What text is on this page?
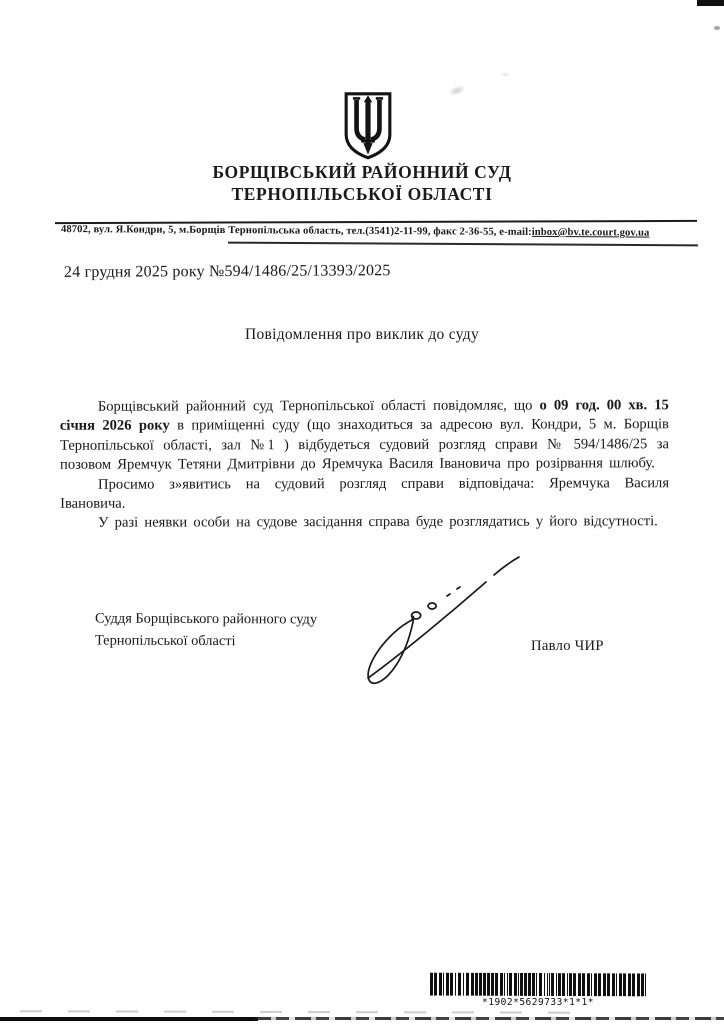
БОРЩІВСЬКИЙ РАЙОННИЙ СУД
ТЕРНОПІЛЬСЬКОЇ ОБЛАСТІ
48702, вул. Я.Кондри, 5, м.Борщів Тернопільська область, тел.(3541)2-11-99, факс 2-36-55, e-mail:inbox@bv.te.court.gov.ua
24 грудня 2025 року №594/1486/25/13393/2025
Повідомлення про виклик до суду

Борщівський районний суд Тернопільської області повідомляє, що о 09 год. 00 хв. 15 січня 2026 року в приміщенні суду (що знаходиться за адресою вул. Кондри, 5 м. Борщів Тернопільської області, зал №1 ) відбудеться судовий розгляд справи № 594/1486/25 за позовом Яремчук Тетяни Дмитрівни до Яремчука Василя Івановича про розірвання шлюбу.

Просимо з»явитись на судовий розгляд справи відповідача: Яремчука Василя Івановича.

У разі неявки особи на судове засідання справа буде розглядатись у його відсутності.

Суддя Борщівського районного суду
Тернопільської області	Павло ЧИР
*1902*5629733*1*1*
